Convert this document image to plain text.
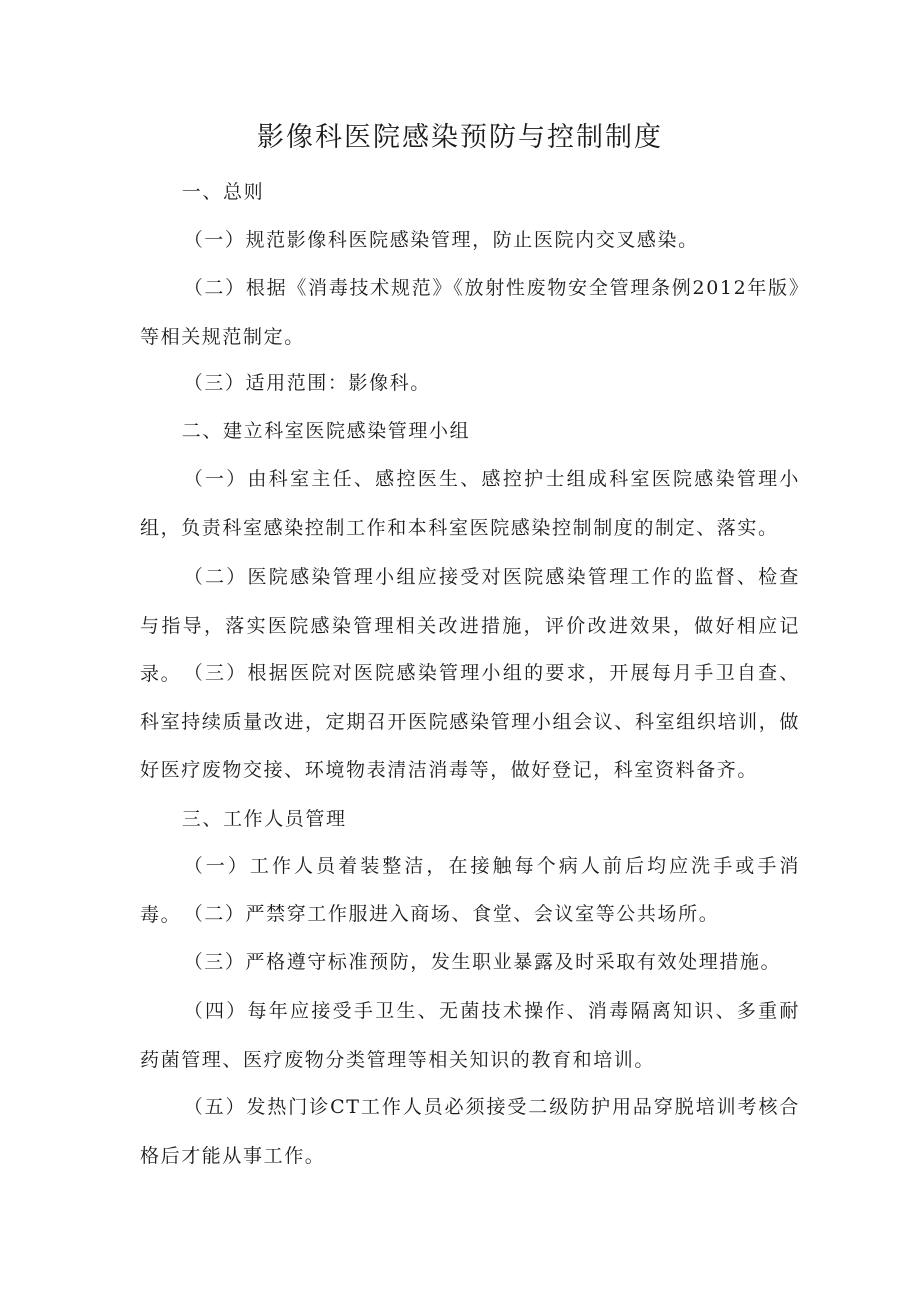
影像科医院感染预防与控制制度

一、总则

（一）规范影像科医院感染管理，防止医院内交叉感染。

（二）根据《消毒技术规范》《放射性废物安全管理条例2012年版》等相关规范制定。

（三）适用范围：影像科。

二、建立科室医院感染管理小组

（一）由科室主任、感控医生、感控护士组成科室医院感染管理小组，负责科室感染控制工作和本科室医院感染控制制度的制定、落实。

（二）医院感染管理小组应接受对医院感染管理工作的监督、检查与指导，落实医院感染管理相关改进措施，评价改进效果，做好相应记录。 （三）根据医院对医院感染管理小组的要求，开展每月手卫自查、科室持续质量改进，定期召开医院感染管理小组会议、科室组织培训，做好医疗废物交接、环境物表清洁消毒等，做好登记，科室资料备齐。

三、工作人员管理

（一）工作人员着装整洁，在接触每个病人前后均应洗手或手消毒。 （二）严禁穿工作服进入商场、食堂、会议室等公共场所。

（三）严格遵守标准预防，发生职业暴露及时采取有效处理措施。

（四）每年应接受手卫生、无菌技术操作、消毒隔离知识、多重耐药菌管理、医疗废物分类管理等相关知识的教育和培训。

（五）发热门诊CT工作人员必须接受二级防护用品穿脱培训考核合格后才能从事工作。
